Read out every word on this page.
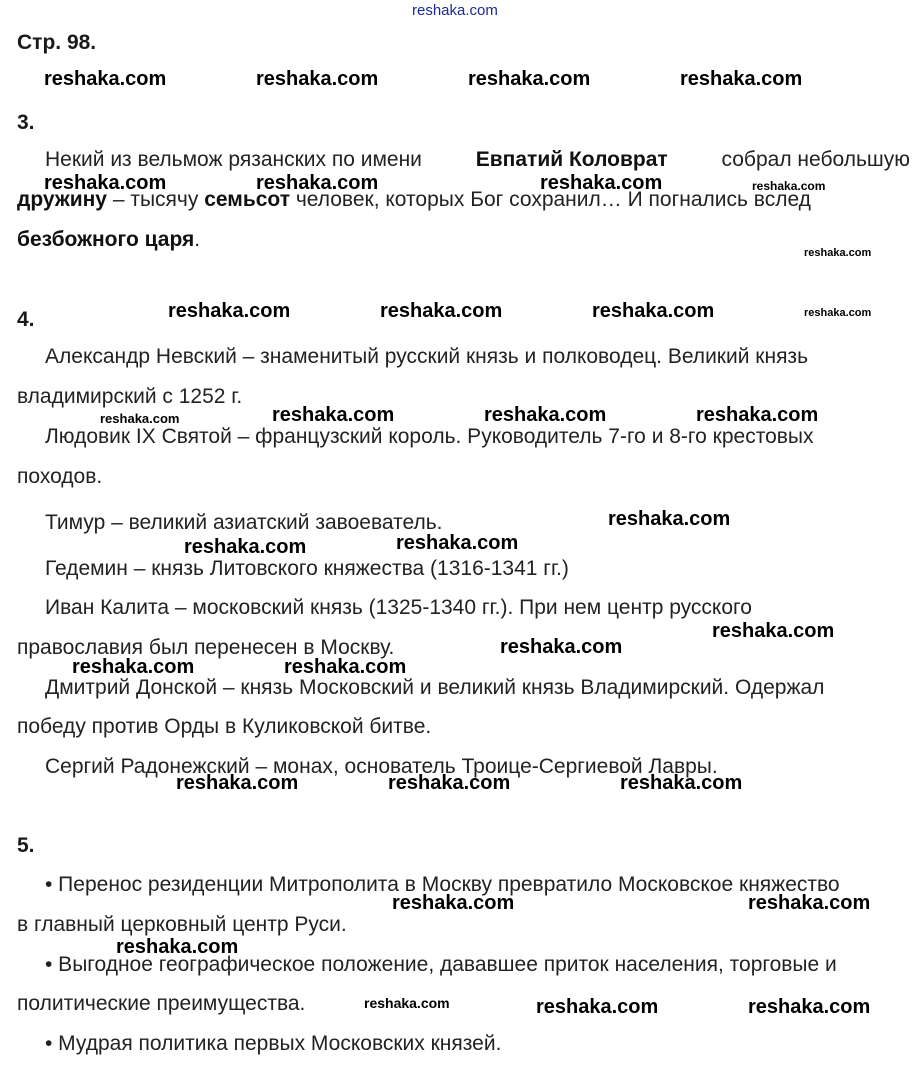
reshaka.com
Стр. 98.
3.
Некий из вельмож рязанских по имени	Евпатий Коловрат	собрал небольшую
дружину – тысячу семьсот человек, которых Бог сохранил… И погнались вслед
безбожного царя.
4.
Александр Невский – знаменитый русский князь и полководец. Великий князь
владимирский с 1252 г.
Людовик IX Святой – французский король. Руководитель 7-го и 8-го крестовых
походов.
Тимур – великий азиатский завоеватель.
Гедемин – князь Литовского княжества (1316-1341 гг.)
Иван Калита – московский князь (1325-1340 гг.). При нем центр русского
православия был перенесен в Москву.
Дмитрий Донской – князь Московский и великий князь Владимирский. Одержал
победу против Орды в Куликовской битве.
Сергий Радонежский – монах, основатель Троице-Сергиевой Лавры.
5.
• Перенос резиденции Митрополита в Москву превратило Московское княжество
в главный церковный центр Руси.
• Выгодное географическое положение, дававшее приток населения, торговые и
политические преимущества.
• Мудрая политика первых Московских князей.
reshaka.com	reshaka.com	reshaka.com	reshaka.com
reshaka.com	reshaka.com	reshaka.com	reshaka.com
reshaka.com
reshaka.com	reshaka.com	reshaka.com	reshaka.com
reshaka.com	reshaka.com	reshaka.com	reshaka.com
reshaka.com
reshaka.com
reshaka.com
reshaka.com
reshaka.com
reshaka.com	reshaka.com
reshaka.com	reshaka.com	reshaka.com
reshaka.com	reshaka.com
reshaka.com
reshaka.com	reshaka.com	reshaka.com
